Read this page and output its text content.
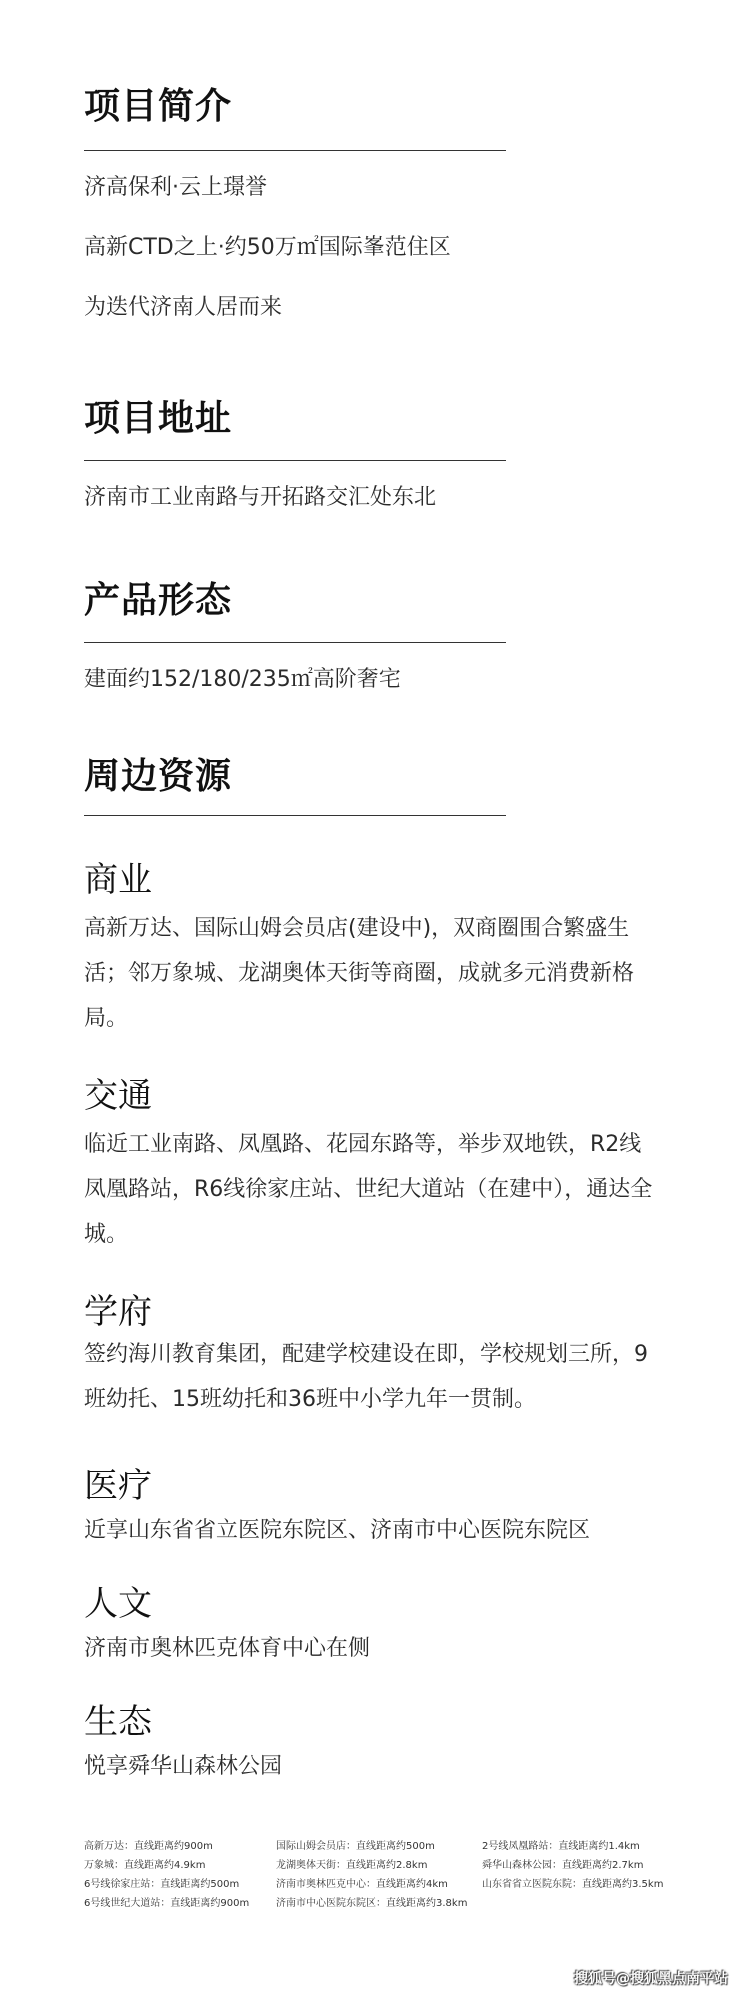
项目简介
济高保利·云上璟誉
高新CTD之上·约50万㎡国际峯范住区
为迭代济南人居而来
项目地址
济南市工业南路与开拓路交汇处东北
产品形态
建面约152/180/235㎡高阶奢宅
周边资源
商业

高新万达、国际山姆会员店(建设中)，双商圈围合繁盛生活；邻万象城、龙湖奥体天街等商圈，成就多元消费新格局。

交通

临近工业南路、凤凰路、花园东路等，举步双地铁，R2线凤凰路站，R6线徐家庄站、世纪大道站（在建中），通达全城。

学府

签约海川教育集团，配建学校建设在即，学校规划三所，9班幼托、15班幼托和36班中小学九年一贯制。

医疗

近享山东省省立医院东院区、济南市中心医院东院区

人文

济南市奥林匹克体育中心在侧

生态

悦享舜华山森林公园

高新万达：直线距离约900m	国际山姆会员店：直线距离约500m	2号线凤凰路站：直线距离约1.4km
万象城：直线距离约4.9km	龙湖奥体天街：直线距离约2.8km	舜华山森林公园：直线距离约2.7km
6号线徐家庄站：直线距离约500m	济南市奥林匹克中心：直线距离约4km	山东省省立医院东院：直线距离约3.5km
6号线世纪大道站：直线距离约900m	济南市中心医院东院区：直线距离约3.8km
搜狐号@搜狐黑点南平站
